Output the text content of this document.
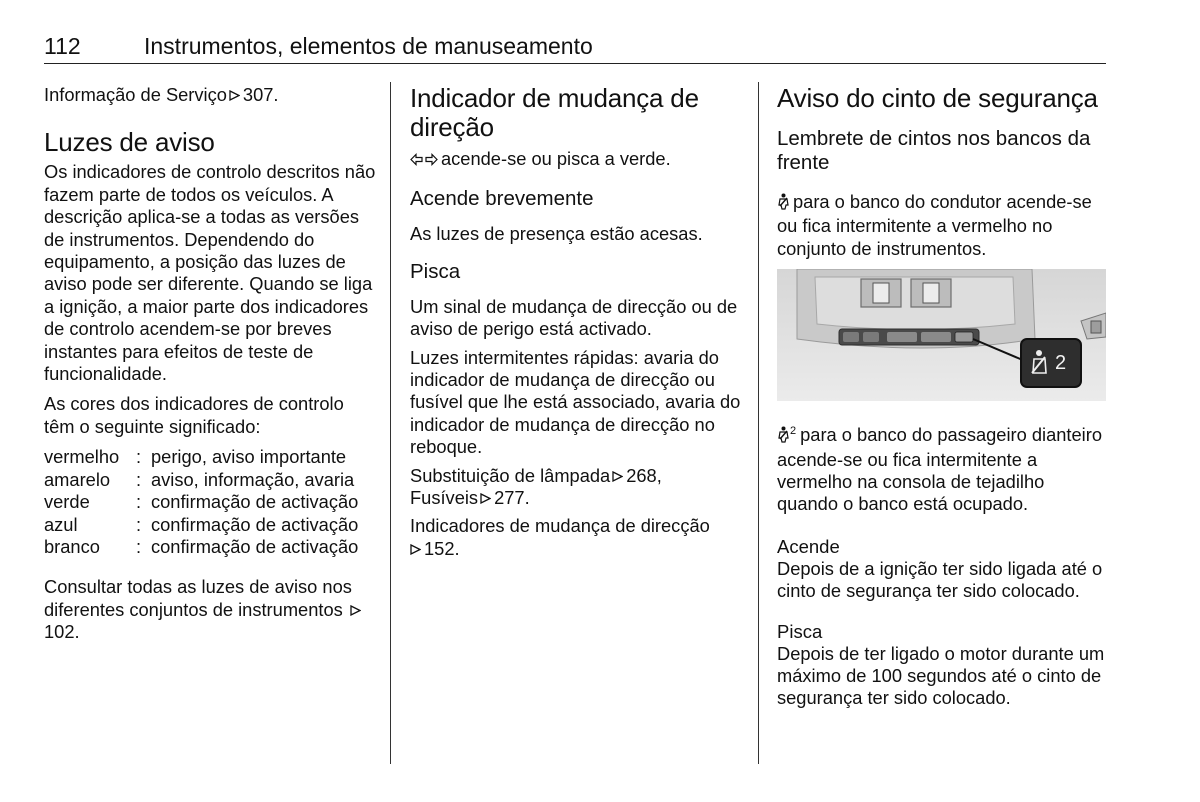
112	Instrumentos, elementos de manuseamento

Informação de Serviço 307.

Luzes de aviso

Os indicadores de controlo descritos não fazem parte de todos os veículos. A descrição aplica-se a todas as versões de instrumentos. Dependendo do equipamento, a posição das luzes de aviso pode ser diferente. Quando se liga a ignição, a maior parte dos indicadores de controlo acendem-se por breves instantes para efeitos de teste de funcionalidade.

As cores dos indicadores de controlo têm o seguinte significado:

vermelho	:	perigo, aviso importante
amarelo	:	aviso, informação, avaria
verde	:	confirmação de activação
azul	:	confirmação de activação
branco	:	confirmação de activação

Consultar todas as luzes de aviso nos diferentes conjuntos de instrumentos
102.

Indicador de mudança de direção

acende-se ou pisca a verde.

Acende brevemente

As luzes de presença estão acesas.

Pisca

Um sinal de mudança de direcção ou de aviso de perigo está activado.

Luzes intermitentes rápidas: avaria do indicador de mudança de direcção ou fusível que lhe está associado, avaria do indicador de mudança de direcção no reboque.

Substituição de lâmpada 268,
Fusíveis 277.

Indicadores de mudança de direcção

152.

Aviso do cinto de segurança
Lembrete de cintos nos bancos da frente

para o banco do condutor acende-se ou fica intermitente a vermelho no conjunto de instrumentos.

2

$^2$ para o banco do passageiro dianteiro acende-se ou fica intermitente a vermelho na consola de tejadilho quando o banco está ocupado.

Acende

Depois de a ignição ter sido ligada até o cinto de segurança ter sido colocado.

Pisca

Depois de ter ligado o motor durante um máximo de 100 segundos até o cinto de segurança ter sido colocado.
